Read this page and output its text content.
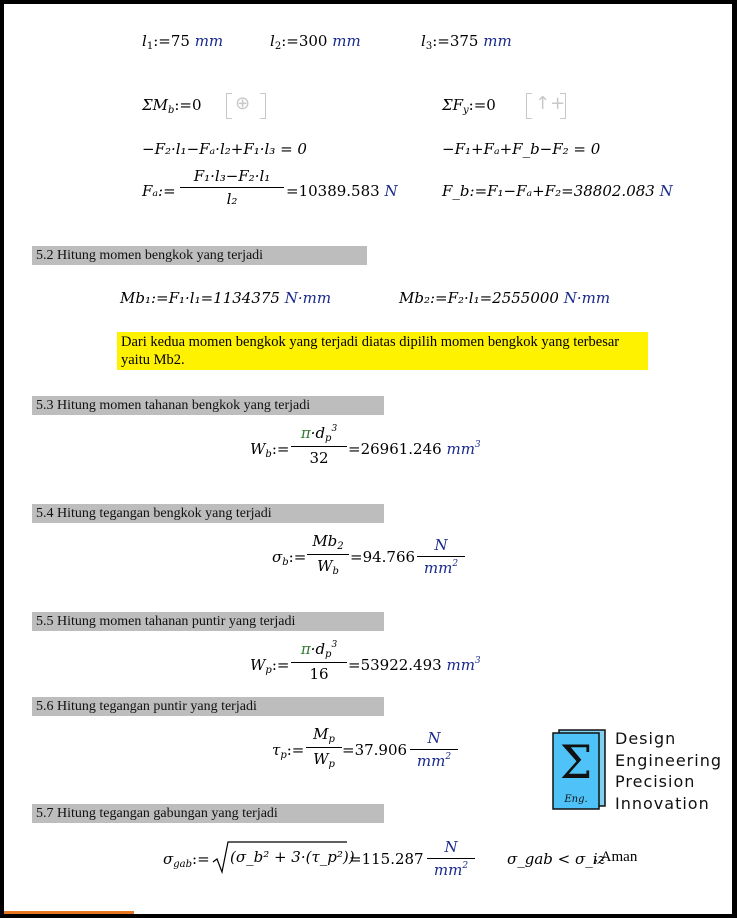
$l_1:=75$ mm	$l_2:=300$ mm	$l_3:=375$ mm
$\Sigma M_b:=0$ ⊕	$\Sigma F_y:=0$ ↑+
−F₂·l₁−Fₐ·l₂+F₁·l₃ = 0	−F₁+Fₐ+F_b−F₂ = 0
Fₐ:=
F₁·l₃−F₂·l₁
l₂	=10389.583 N	F_b:=F₁−Fₐ+F₂=38802.083 N
5.2 Hitung momen bengkok yang terjadi
Mb₁:=F₁·l₁=1134375 N·mm	Mb₂:=F₂·l₁=2555000 N·mm
Dari kedua momen bengkok yang terjadi diatas dipilih momen bengkok yang terbesar yaitu Mb2.
5.3 Hitung momen tahanan bengkok yang terjadi
$W_b:=$
$\pi\cdot d_p^3$
32	=26961.246 $mm^3$
5.4 Hitung tegangan bengkok yang terjadi
$\sigma_b:=$
$Mb_2$
$W_b$
=94.766
N
$mm^2$
5.5 Hitung momen tahanan puntir yang terjadi
$W_p:=$
$\pi\cdot d_p^3$
16	=53922.493 $mm^3$
5.6 Hitung tegangan puntir yang terjadi
$\tau_p:=$
$M_p$
$W_p$
=37.906
N
$mm^2$ Σ
Eng.
Design
Engineering
Precision
Innovation
5.7 Hitung tegangan gabungan yang terjadi
$\sigma_{gab}:=$ (σ_b² + 3·(τ_p²))
=115.287
N
$mm^2$	σ_gab < σ_iz
, Aman
